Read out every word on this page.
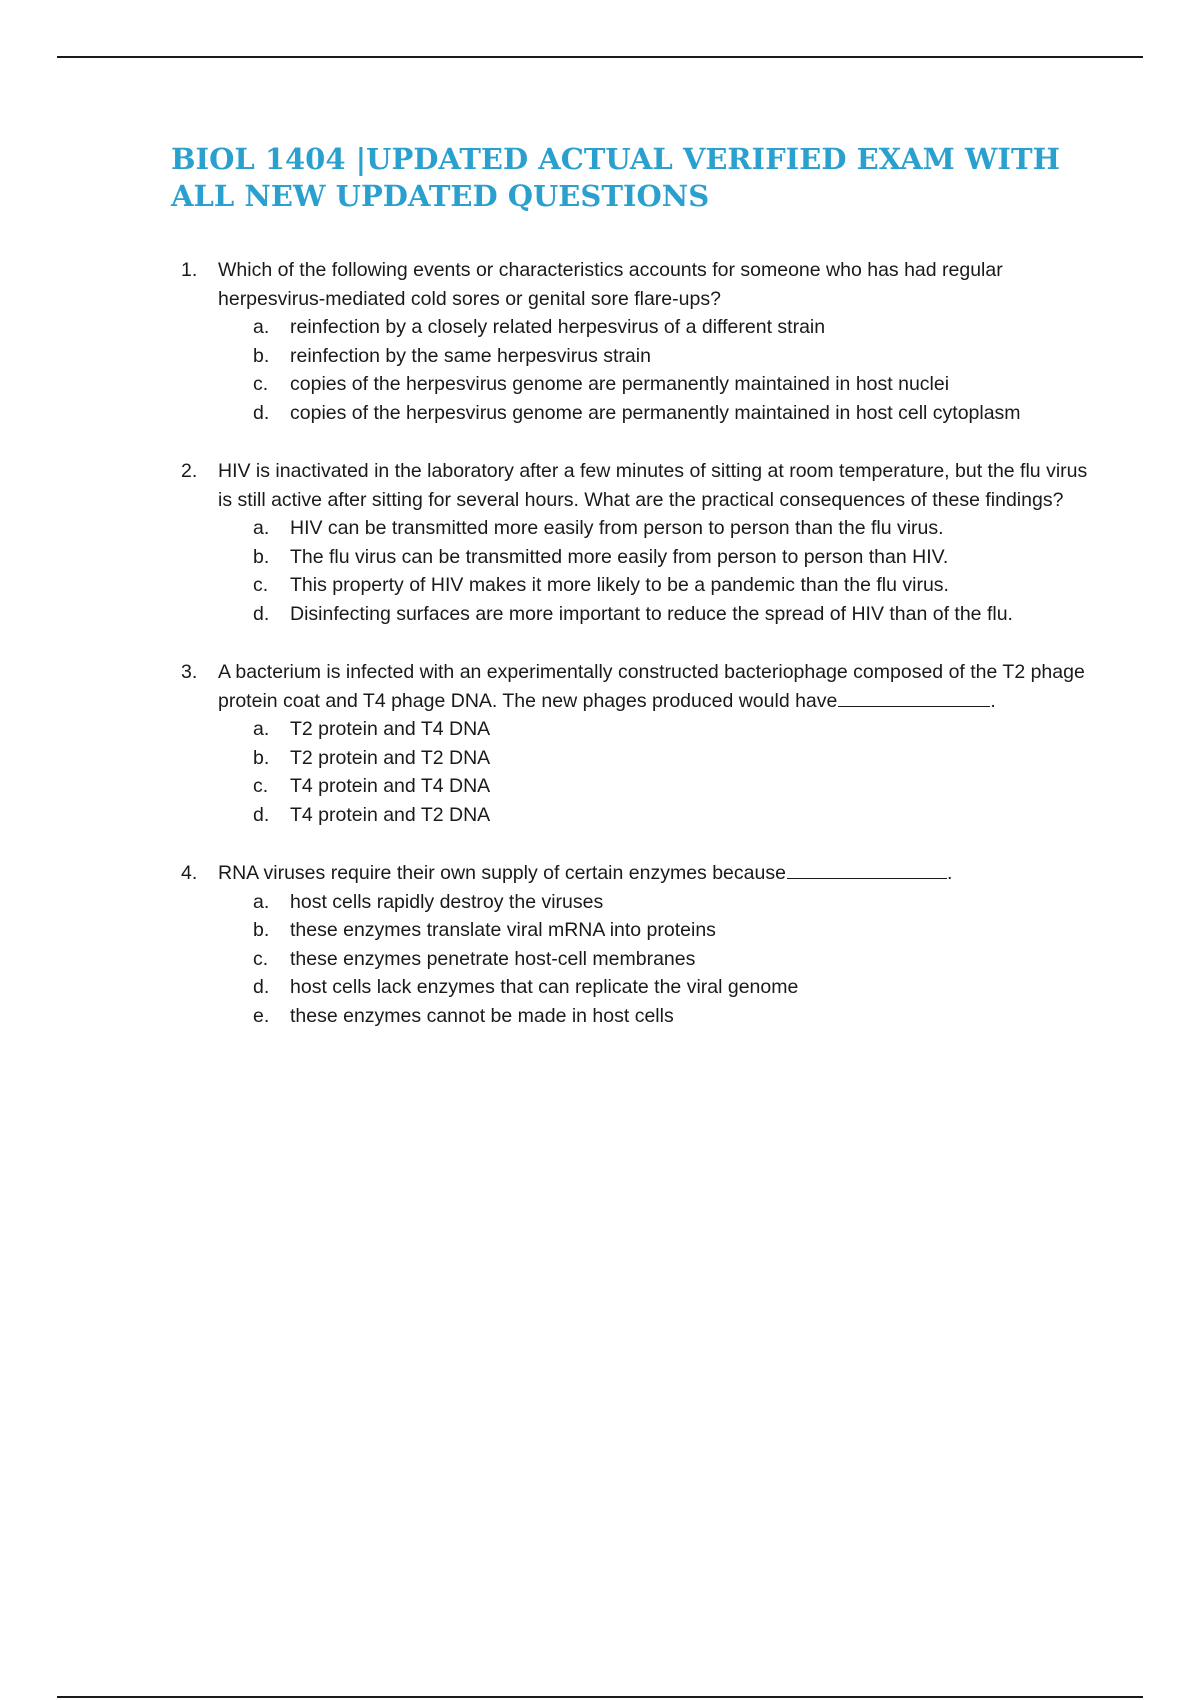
BIOL 1404 |UPDATED ACTUAL VERIFIED EXAM WITH
ALL NEW UPDATED QUESTIONS
1. Which of the following events or characteristics accounts for someone who has had regular herpesvirus-mediated cold sores or genital sore flare-ups?
a. reinfection by a closely related herpesvirus of a different strain
b. reinfection by the same herpesvirus strain
c. copies of the herpesvirus genome are permanently maintained in host nuclei
d. copies of the herpesvirus genome are permanently maintained in host cell cytoplasm
2. HIV is inactivated in the laboratory after a few minutes of sitting at room temperature, but the flu virus is still active after sitting for several hours. What are the practical consequences of these findings?
a. HIV can be transmitted more easily from person to person than the flu virus.
b. The flu virus can be transmitted more easily from person to person than HIV.
c. This property of HIV makes it more likely to be a pandemic than the flu virus.
d. Disinfecting surfaces are more important to reduce the spread of HIV than of the flu.
3. A bacterium is infected with an experimentally constructed bacteriophage composed of the T2 phage protein coat and T4 phage DNA. The new phages produced would have	.
a. T2 protein and T4 DNA
b. T2 protein and T2 DNA
c. T4 protein and T4 DNA
d. T4 protein and T2 DNA
4. RNA viruses require their own supply of certain enzymes because	.
a. host cells rapidly destroy the viruses
b. these enzymes translate viral mRNA into proteins
c. these enzymes penetrate host-cell membranes
d. host cells lack enzymes that can replicate the viral genome
e. these enzymes cannot be made in host cells
